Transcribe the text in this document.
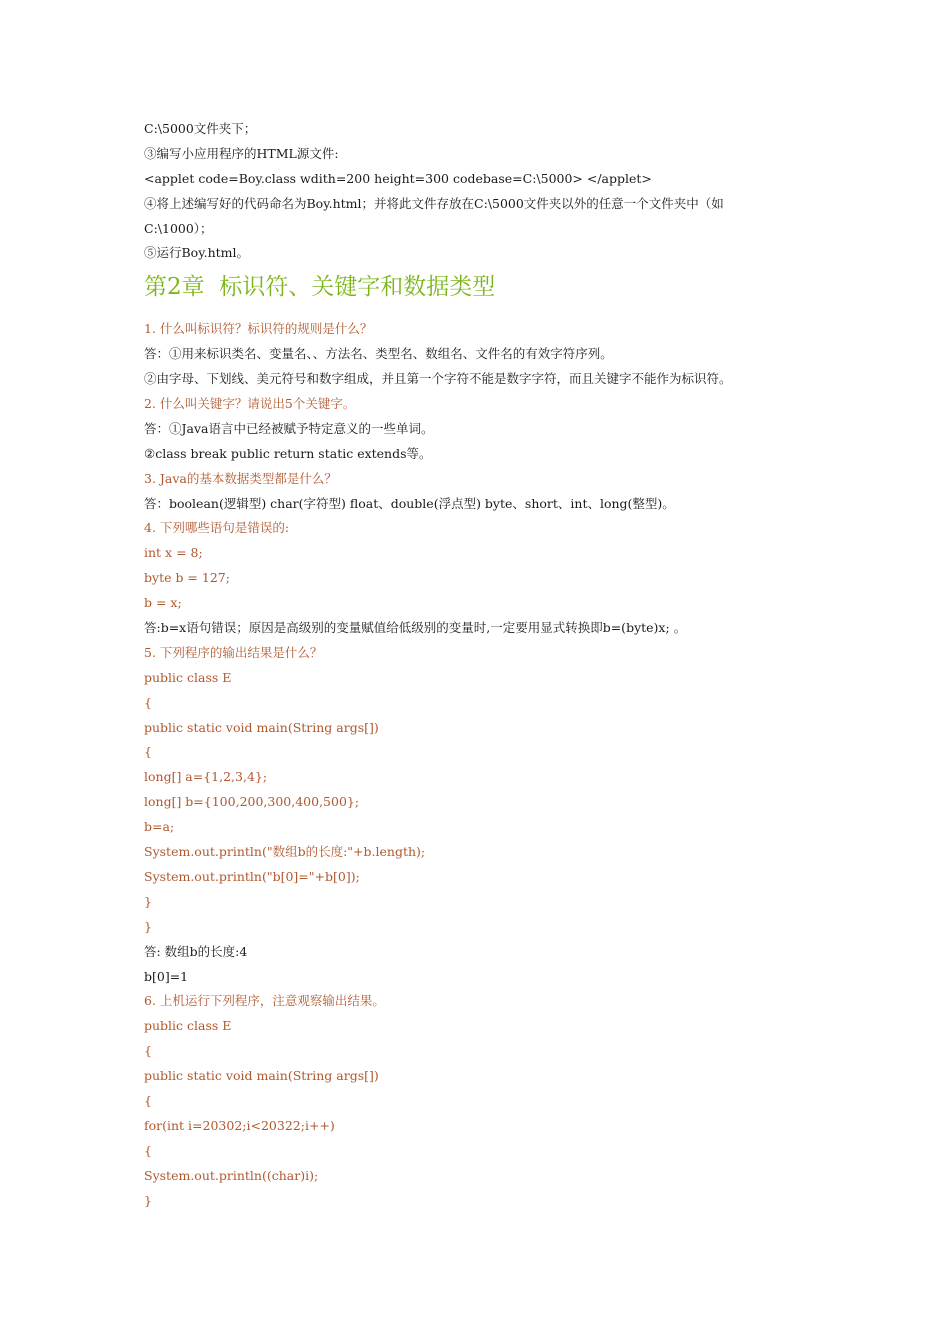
C:\5000文件夹下；
③编写小应用程序的HTML源文件:
<applet code=Boy.class wdith=200 height=300 codebase=C:\5000> </applet>
④将上述编写好的代码命名为Boy.html；并将此文件存放在C:\5000文件夹以外的任意一个文件夹中（如
C:\1000）；
⑤运行Boy.html。
第2章  标识符、关键字和数据类型
1. 什么叫标识符？标识符的规则是什么？
答：①用来标识类名、变量名、、方法名、类型名、数组名、文件名的有效字符序列。
②由字母、下划线、美元符号和数字组成，并且第一个字符不能是数字字符，而且关键字不能作为标识符。
2. 什么叫关键字？请说出5个关键字。
答：①Java语言中已经被赋予特定意义的一些单词。
②class break public return static extends等。
3. Java的基本数据类型都是什么？
答：boolean(逻辑型) char(字符型) float、double(浮点型) byte、short、int、long(整型)。
4. 下列哪些语句是错误的:
int x = 8;
byte b = 127;
b = x;
答:b=x语句错误；原因是高级别的变量赋值给低级别的变量时,一定要用显式转换即b=(byte)x; 。
5. 下列程序的输出结果是什么？
public class E
{
public static void main(String args[])
{
long[] a={1,2,3,4};
long[] b={100,200,300,400,500};
b=a;
System.out.println("数组b的长度:"+b.length);
System.out.println("b[0]="+b[0]);
}
}
答: 数组b的长度:4
b[0]=1
6. 上机运行下列程序，注意观察输出结果。
public class E
{
public static void main(String args[])
{
for(int i=20302;i<20322;i++)
{
System.out.println((char)i);
}
